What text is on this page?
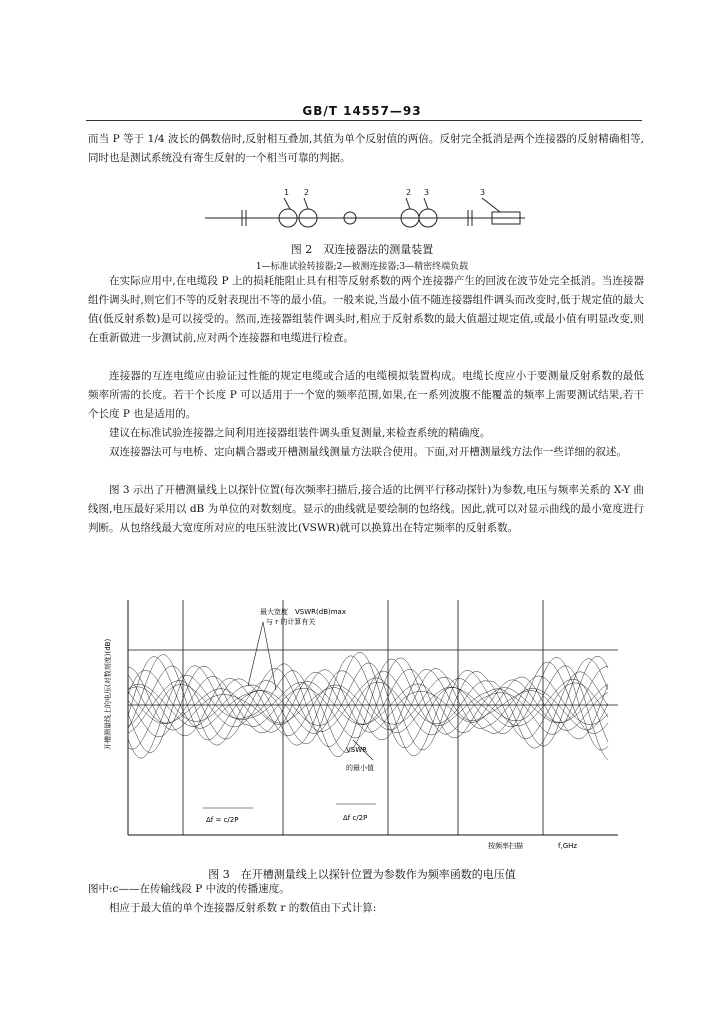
GB/T 14557—93

而当 P 等于 1/4 波长的偶数倍时,反射相互叠加,其值为单个反射值的两倍。反射完全抵消是两个连接器的反射精确相等,同时也是测试系统没有寄生反射的一个相当可靠的判据。

1 2	2 3	3
图 2　双连接器法的测量装置
1—标准试验转接器;2—被测连接器;3—精密终端负载

在实际应用中,在电缆段 P 上的损耗能阻止具有相等反射系数的两个连接器产生的回波在波节处完全抵消。当连接器组件调头时,则它们不等的反射表现出不等的最小值。一般来说,当最小值不随连接器组件调头而改变时,低于规定值的最大值(低反射系数)是可以接受的。然而,连接器组装件调头时,相应于反射系数的最大值超过规定值,或最小值有明显改变,则在重新做进一步测试前,应对两个连接器和电缆进行检查。

连接器的互连电缆应由验证过性能的规定电缆或合适的电缆模拟装置构成。电缆长度应小于要测量反射系数的最低频率所需的长度。若干个长度 P 可以适用于一个宽的频率范围,如果,在一系列波腹不能覆盖的频率上需要测试结果,若干个长度 P 也是适用的。

建议在标准试验连接器之间利用连接器组装件调头重复测量,来检查系统的精确度。

双连接器法可与电桥、定向耦合器或开槽测量线测量方法联合使用。下面,对开槽测量线方法作一些详细的叙述。

图 3 示出了开槽测量线上以探针位置(每次频率扫描后,接合适的比例平行移动探针)为参数,电压与频率关系的 X-Y 曲线图,电压最好采用以 dB 为单位的对数刻度。显示的曲线就是要绘制的包络线。因此,就可以对显示曲线的最小宽度进行判断。从包络线最大宽度所对应的电压驻波比(VSWR)就可以换算出在特定频率的反射系数。

最大宽度　VSWR(dB)max
与 r 的计算有关
VSWR
的最小值
Δf = c/2P	Δf c/2P
按频率扫描	f,GHz
开槽测量线上的电压(对数刻度)(dB)
图 3　在开槽测量线上以探针位置为参数作为频率函数的电压值

图中:c——在传输线段 P 中波的传播速度。

相应于最大值的单个连接器反射系数 r 的数值由下式计算:
